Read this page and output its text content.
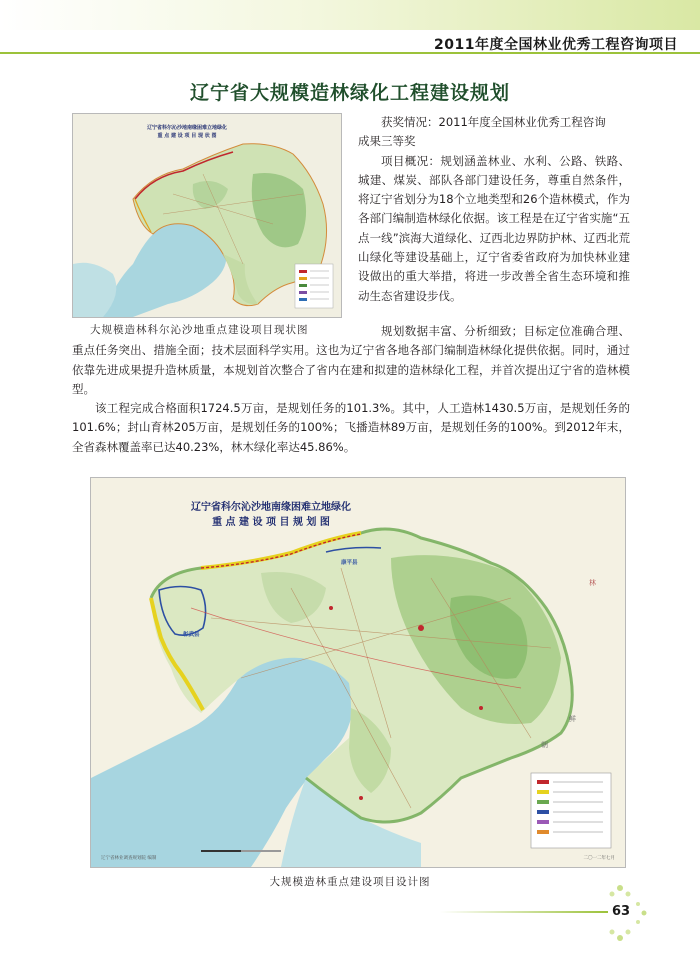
2011年度全国林业优秀工程咨询项目
辽宁省大规模造林绿化工程建设规划
辽宁省科尔沁沙地南缘困难立地绿化
重 点 建 设 项 目 现 状 图
大规模造林科尔沁沙地重点建设项目现状图

获奖情况：2011年度全国林业优秀工程咨询

成果三等奖

项目概况：规划涵盖林业、水利、公路、铁路、城建、煤炭、部队各部门建设任务，尊重自然条件，将辽宁省划分为18个立地类型和26个造林模式，作为各部门编制造林绿化依据。该工程是在辽宁省实施“五点一线”滨海大道绿化、辽西北边界防护林、辽西北荒山绿化等建设基础上，辽宁省委省政府为加快林业建设做出的重大举措，将进一步改善全省生态环境和推动生态省建设步伐。

规划数据丰富、分析细致；目标定位准确合理、重点任务突出、措施全面；技术层面科学实用。这也为辽宁省各地各部门编制造林绿化提供依据。同时，通过依靠先进成果提升造林质量，本规划首次整合了省内在建和拟建的造林绿化工程，并首次提出辽宁省的造林模型。

该工程完成合格面积1724.5万亩，是规划任务的101.3%。其中，人工造林1430.5万亩，是规划任务的101.6%；封山育林205万亩，是规划任务的100%；飞播造林89万亩，是规划任务的100%。到2012年末，全省森林覆盖率已达40.23%，林木绿化率达45.86%。

辽宁省科尔沁沙地南缘困难立地绿化
重 点 建 设 项 目 规 划 图
彰武县
康平县
朝
鲜
林
辽宁省林业调查规划院 编制	二〇一二年七月
大规模造林重点建设项目设计图
63
